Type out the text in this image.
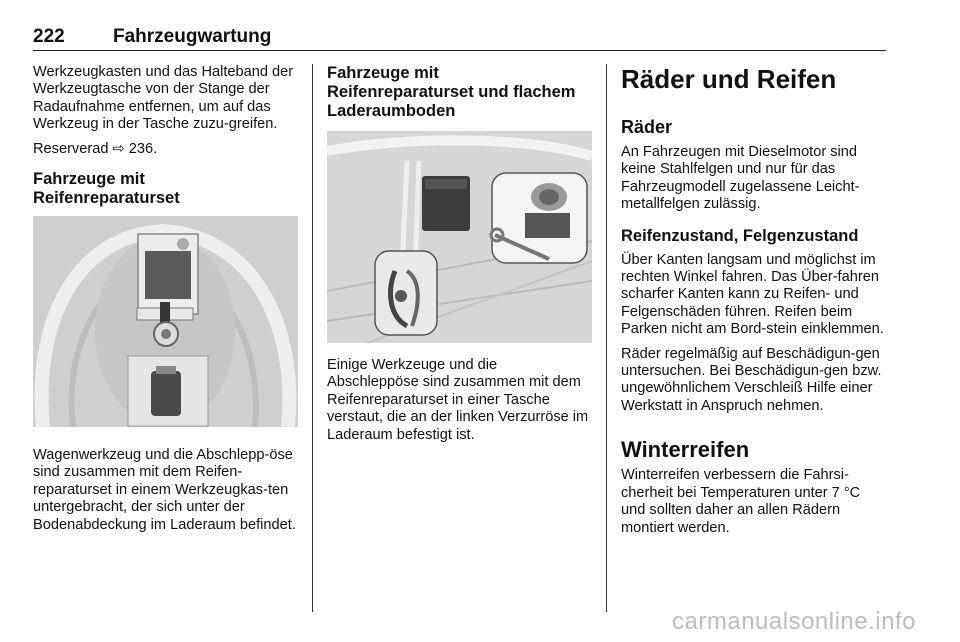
222	Fahrzeugwartung

Werkzeugkasten und das Halteband der Werkzeugtasche von der Stange der Radaufnahme entfernen, um auf das Werkzeug in der Tasche zuzu-greifen.

Reserverad ⇨ 236.

Fahrzeuge mit
Reifenreparaturset

Wagenwerkzeug und die Abschlepp-öse sind zusammen mit dem Reifen-reparaturset in einem Werkzeugkas-ten untergebracht, der sich unter der Bodenabdeckung im Laderaum befindet.

Fahrzeuge mit
Reifenreparaturset und flachem
Laderaumboden

Einige Werkzeuge und die Abschleppöse sind zusammen mit dem Reifenreparaturset in einer Tasche verstaut, die an der linken Verzurröse im Laderaum befestigt ist.

Räder und Reifen
Räder

An Fahrzeugen mit Dieselmotor sind keine Stahlfelgen und nur für das Fahrzeugmodell zugelassene Leicht-metallfelgen zulässig.

Reifenzustand, Felgenzustand

Über Kanten langsam und möglichst im rechten Winkel fahren. Das Über-fahren scharfer Kanten kann zu Reifen- und Felgenschäden führen. Reifen beim Parken nicht am Bord-stein einklemmen.

Räder regelmäßig auf Beschädigun-gen untersuchen. Bei Beschädigun-gen bzw. ungewöhnlichem Verschleiß Hilfe einer Werkstatt in Anspruch nehmen.

Winterreifen

Winterreifen verbessern die Fahrsi-cherheit bei Temperaturen unter 7 °C und sollten daher an allen Rädern montiert werden.

carmanualsonline.info
